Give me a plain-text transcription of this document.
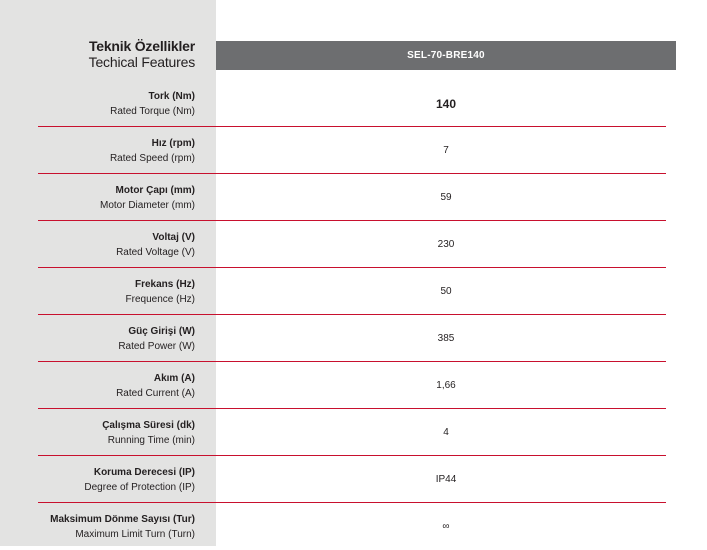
Teknik Özellikler
Techical Features	SEL-70-BRE140
Tork (Nm)
Rated Torque (Nm)
140
Hız (rpm)
Rated Speed (rpm)
7
Motor Çapı (mm)
Motor Diameter (mm)
59
Voltaj (V)
Rated Voltage (V)
230
Frekans (Hz)
Frequence (Hz)
50
Güç Girişi (W)
Rated Power (W)
385
Akım (A)
Rated Current (A)
1,66
Çalışma Süresi (dk)
Running Time (min)
4
Koruma Derecesi (IP)
Degree of Protection (IP)
IP44
Maksimum Dönme Sayısı (Tur)
Maximum Limit Turn (Turn)
∞
